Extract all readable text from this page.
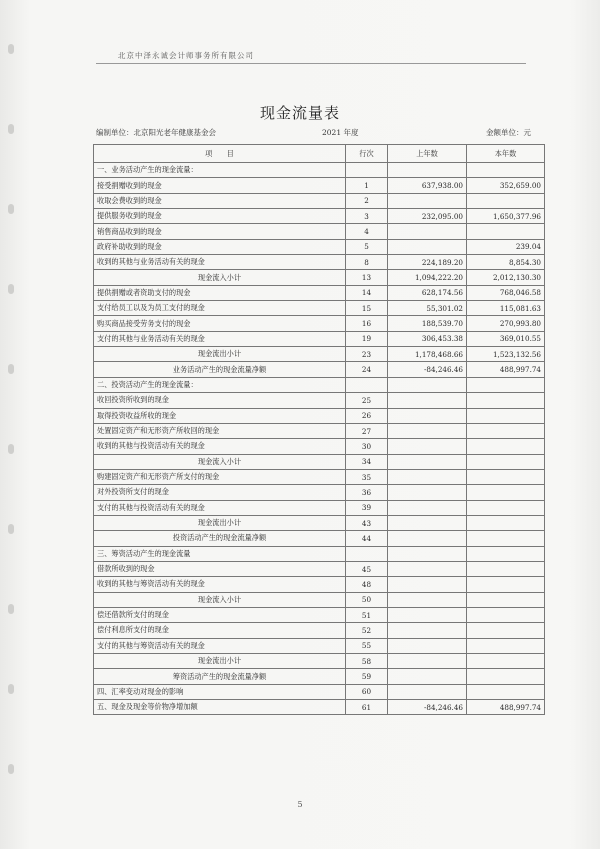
北京中泽永诚会计师事务所有限公司
现金流量表
编制单位：北京阳光老年健康基金会	2021 年度	金额单位：元
项　　目	行次	上年数	本年数
一、业务活动产生的现金流量：			
接受捐赠收到的现金	1	637,938.00	352,659.00
收取会费收到的现金	2		
提供服务收到的现金	3	232,095.00	1,650,377.96
销售商品收到的现金	4		
政府补助收到的现金	5		239.04
收到的其他与业务活动有关的现金	8	224,189.20	8,854.30
现金流入小计	13	1,094,222.20	2,012,130.30
提供捐赠或者资助支付的现金	14	628,174.56	768,046.58
支付给员工以及为员工支付的现金	15	55,301.02	115,081.63
购买商品接受劳务支付的现金	16	188,539.70	270,993.80
支付的其他与业务活动有关的现金	19	306,453.38	369,010.55
现金流出小计	23	1,178,468.66	1,523,132.56
业务活动产生的现金流量净额	24	-84,246.46	488,997.74
二、投资活动产生的现金流量：			
收回投资所收到的现金	25		
取得投资收益所收的现金	26		
处置固定资产和无形资产所收回的现金	27		
收到的其他与投资活动有关的现金	30		
现金流入小计	34		
购建固定资产和无形资产所支付的现金	35		
对外投资所支付的现金	36		
支付的其他与投资活动有关的现金	39		
现金流出小计	43		
投资活动产生的现金流量净额	44		
三、筹资活动产生的现金流量			
借款所收到的现金	45		
收到的其他与筹资活动有关的现金	48		
现金流入小计	50		
偿还借款所支付的现金	51		
偿付利息所支付的现金	52		
支付的其他与筹资活动有关的现金	55		
现金流出小计	58		
筹资活动产生的现金流量净额	59		
四、汇率变动对现金的影响	60		
五、现金及现金等价物净增加额	61	-84,246.46	488,997.74
5
